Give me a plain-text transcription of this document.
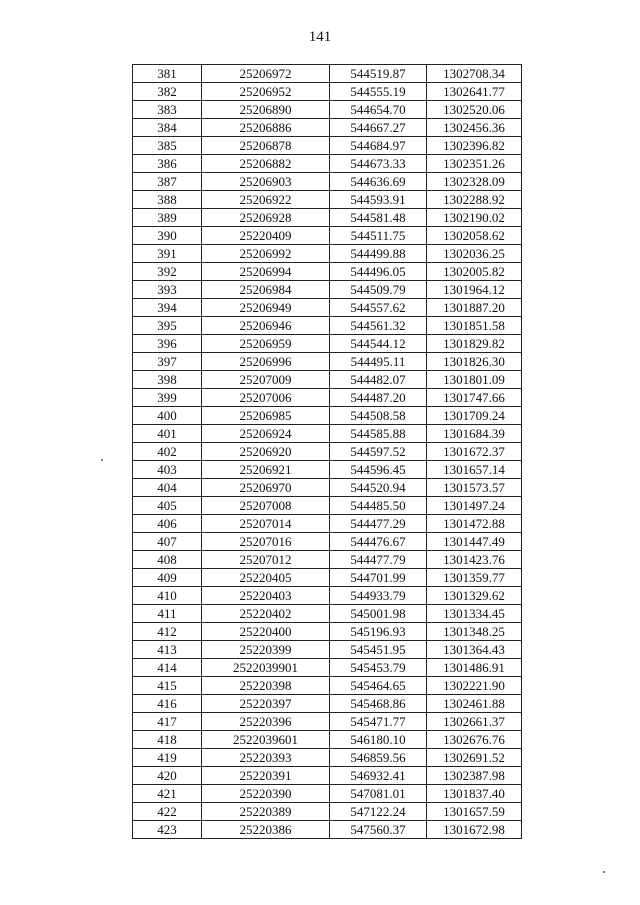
141
381	25206972	544519.87	1302708.34
382	25206952	544555.19	1302641.77
383	25206890	544654.70	1302520.06
384	25206886	544667.27	1302456.36
385	25206878	544684.97	1302396.82
386	25206882	544673.33	1302351.26
387	25206903	544636.69	1302328.09
388	25206922	544593.91	1302288.92
389	25206928	544581.48	1302190.02
390	25220409	544511.75	1302058.62
391	25206992	544499.88	1302036.25
392	25206994	544496.05	1302005.82
393	25206984	544509.79	1301964.12
394	25206949	544557.62	1301887.20
395	25206946	544561.32	1301851.58
396	25206959	544544.12	1301829.82
397	25206996	544495.11	1301826.30
398	25207009	544482.07	1301801.09
399	25207006	544487.20	1301747.66
400	25206985	544508.58	1301709.24
401	25206924	544585.88	1301684.39
402	25206920	544597.52	1301672.37
403	25206921	544596.45	1301657.14
404	25206970	544520.94	1301573.57
405	25207008	544485.50	1301497.24
406	25207014	544477.29	1301472.88
407	25207016	544476.67	1301447.49
408	25207012	544477.79	1301423.76
409	25220405	544701.99	1301359.77
410	25220403	544933.79	1301329.62
411	25220402	545001.98	1301334.45
412	25220400	545196.93	1301348.25
413	25220399	545451.95	1301364.43
414	2522039901	545453.79	1301486.91
415	25220398	545464.65	1302221.90
416	25220397	545468.86	1302461.88
417	25220396	545471.77	1302661.37
418	2522039601	546180.10	1302676.76
419	25220393	546859.56	1302691.52
420	25220391	546932.41	1302387.98
421	25220390	547081.01	1301837.40
422	25220389	547122.24	1301657.59
423	25220386	547560.37	1301672.98
